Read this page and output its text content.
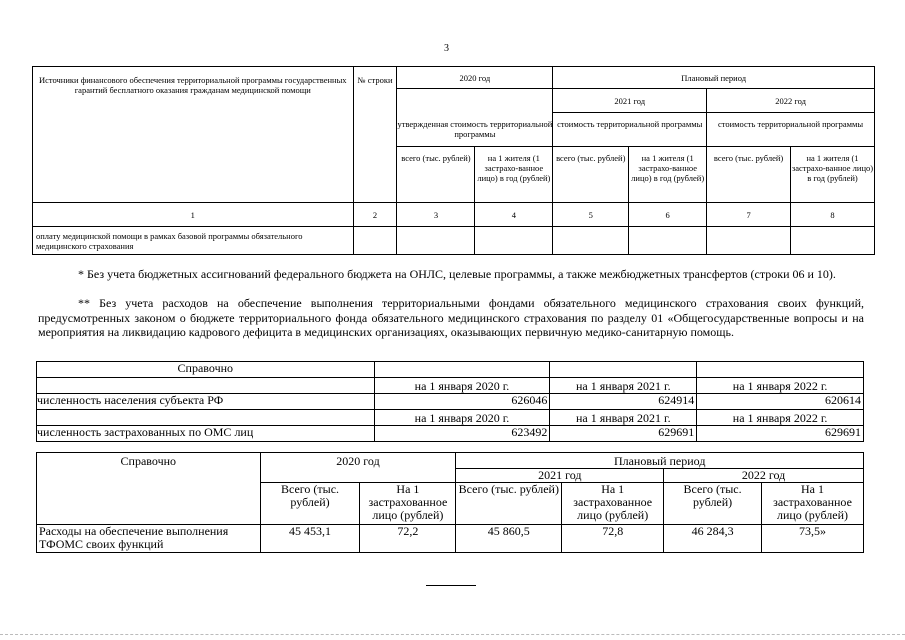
3
Источники финансового обеспечения территориальной программы государственных гарантий бесплатного оказания гражданам медицинской помощи	№ строки	2020 год		Плановый период			
		утвержденная стоимость территориальной программы		2021 год		2022 год	
				стоимость территориальной программы		стоимость территориальной программы	
		всего (тыс. рублей)	на 1 жителя (1 застрахо-ванное лицо) в год (рублей)	всего (тыс. рублей)	на 1 жителя (1 застрахо-ванное лицо) в год (рублей)	всего (тыс. рублей)	на 1 жителя (1 застрахо-ванное лицо) в год (рублей)
1	2	3	4	5	6	7	8
оплату медицинской помощи в рамках базовой программы обязательного медицинского страхования							
* Без учета бюджетных ассигнований федерального бюджета на ОНЛС, целевые программы, а также межбюджетных трансфертов (строки 06 и 10).
** Без учета расходов на обеспечение выполнения территориальными фондами обязательного медицинского страхования своих функций, предусмотренных законом о бюджете территориального фонда обязательного медицинского страхования по разделу 01 «Общегосударственные вопросы и на мероприятия на ликвидацию кадрового дефицита в медицинских организациях, оказывающих первичную медико-санитарную помощь.
Справочно			
	на 1 января 2020 г.	на 1 января 2021 г.	на 1 января 2022 г.
численность населения субъекта РФ	626046	624914	620614
	на 1 января 2020 г.	на 1 января 2021 г.	на 1 января 2022 г.
численность застрахованных по ОМС лиц	623492	629691	629691
Справочно	2020 год		Плановый период			
			2021 год		2022 год	
	Всего (тыс. рублей)	На 1 застрахованное лицо (рублей)	Всего (тыс. рублей)	На 1 застрахованное лицо (рублей)	Всего (тыс. рублей)	На 1 застрахованное лицо (рублей)
Расходы на обеспечение выполнения ТФОМС своих функций	45 453,1	72,2	45 860,5	72,8	46 284,3	73,5»
